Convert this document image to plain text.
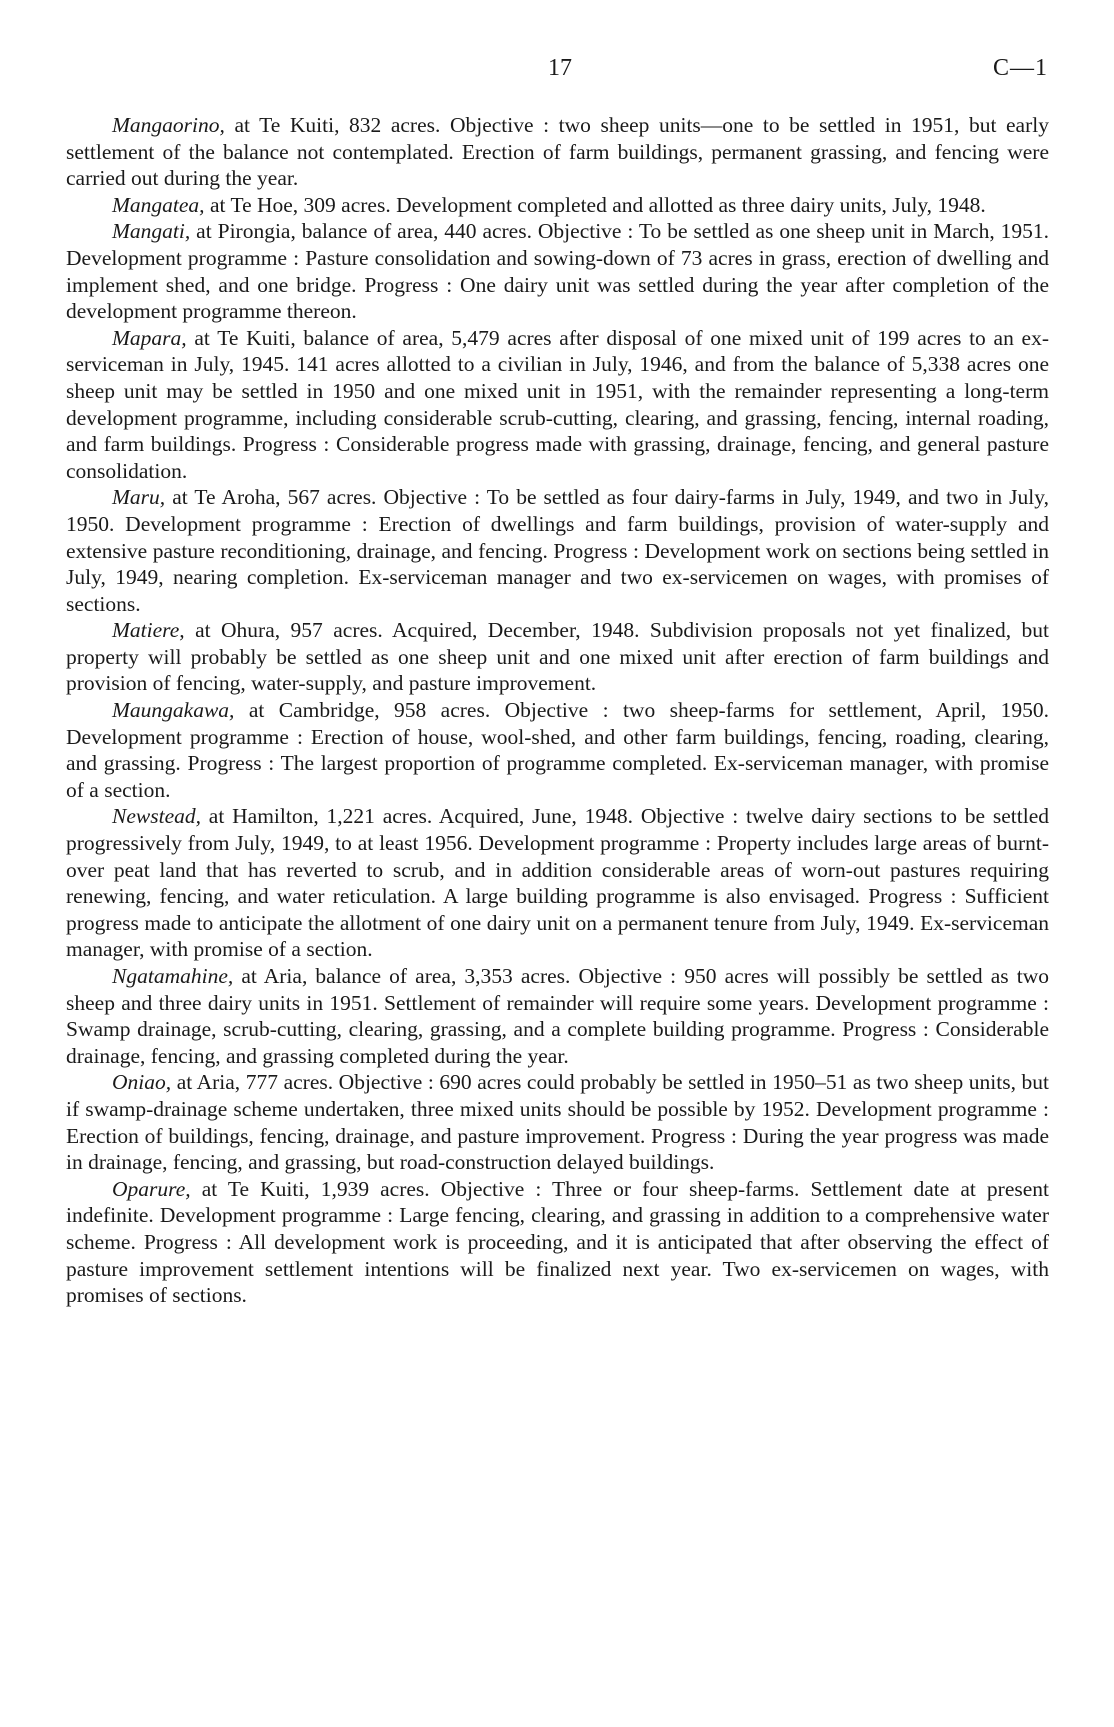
17	C—1

Mangaorino, at Te Kuiti, 832 acres. Objective : two sheep units—one to be settled in 1951, but early settlement of the balance not contemplated. Erection of farm buildings, permanent grassing, and fencing were carried out during the year.

Mangatea, at Te Hoe, 309 acres. Development completed and allotted as three dairy units, July, 1948.

Mangati, at Pirongia, balance of area, 440 acres. Objective : To be settled as one sheep unit in March, 1951. Development programme : Pasture consolidation and sowing-down of 73 acres in grass, erection of dwelling and implement shed, and one bridge. Progress : One dairy unit was settled during the year after completion of the development programme thereon.

Mapara, at Te Kuiti, balance of area, 5,479 acres after disposal of one mixed unit of 199 acres to an ex-serviceman in July, 1945. 141 acres allotted to a civilian in July, 1946, and from the balance of 5,338 acres one sheep unit may be settled in 1950 and one mixed unit in 1951, with the remainder representing a long-term development programme, including considerable scrub-cutting, clearing, and grassing, fencing, internal roading, and farm buildings. Progress : Considerable progress made with grassing, drainage, fencing, and general pasture consolidation.

Maru, at Te Aroha, 567 acres. Objective : To be settled as four dairy-farms in July, 1949, and two in July, 1950. Development programme : Erection of dwellings and farm buildings, provision of water-supply and extensive pasture reconditioning, drainage, and fencing. Progress : Development work on sections being settled in July, 1949, nearing completion. Ex-serviceman manager and two ex-servicemen on wages, with promises of sections.

Matiere, at Ohura, 957 acres. Acquired, December, 1948. Subdivision proposals not yet finalized, but property will probably be settled as one sheep unit and one mixed unit after erection of farm buildings and provision of fencing, water-supply, and pasture improvement.

Maungakawa, at Cambridge, 958 acres. Objective : two sheep-farms for settlement, April, 1950. Development programme : Erection of house, wool-shed, and other farm buildings, fencing, roading, clearing, and grassing. Progress : The largest proportion of programme completed. Ex-serviceman manager, with promise of a section.

Newstead, at Hamilton, 1,221 acres. Acquired, June, 1948. Objective : twelve dairy sections to be settled progressively from July, 1949, to at least 1956. Development programme : Property includes large areas of burnt-over peat land that has reverted to scrub, and in addition considerable areas of worn-out pastures requiring renewing, fencing, and water reticulation. A large building programme is also envisaged. Progress : Sufficient progress made to anticipate the allotment of one dairy unit on a permanent tenure from July, 1949. Ex-serviceman manager, with promise of a section.

Ngatamahine, at Aria, balance of area, 3,353 acres. Objective : 950 acres will possibly be settled as two sheep and three dairy units in 1951. Settlement of remainder will require some years. Development programme : Swamp drainage, scrub-cutting, clearing, grassing, and a complete building programme. Progress : Considerable drainage, fencing, and grassing completed during the year.

Oniao, at Aria, 777 acres. Objective : 690 acres could probably be settled in 1950–51 as two sheep units, but if swamp-drainage scheme undertaken, three mixed units should be possible by 1952. Development programme : Erection of buildings, fencing, drainage, and pasture improvement. Progress : During the year progress was made in drainage, fencing, and grassing, but road-construction delayed buildings.

Oparure, at Te Kuiti, 1,939 acres. Objective : Three or four sheep-farms. Settlement date at present indefinite. Development programme : Large fencing, clearing, and grassing in addition to a comprehensive water scheme. Progress : All development work is proceeding, and it is anticipated that after observing the effect of pasture improvement settlement intentions will be finalized next year. Two ex-servicemen on wages, with promises of sections.
